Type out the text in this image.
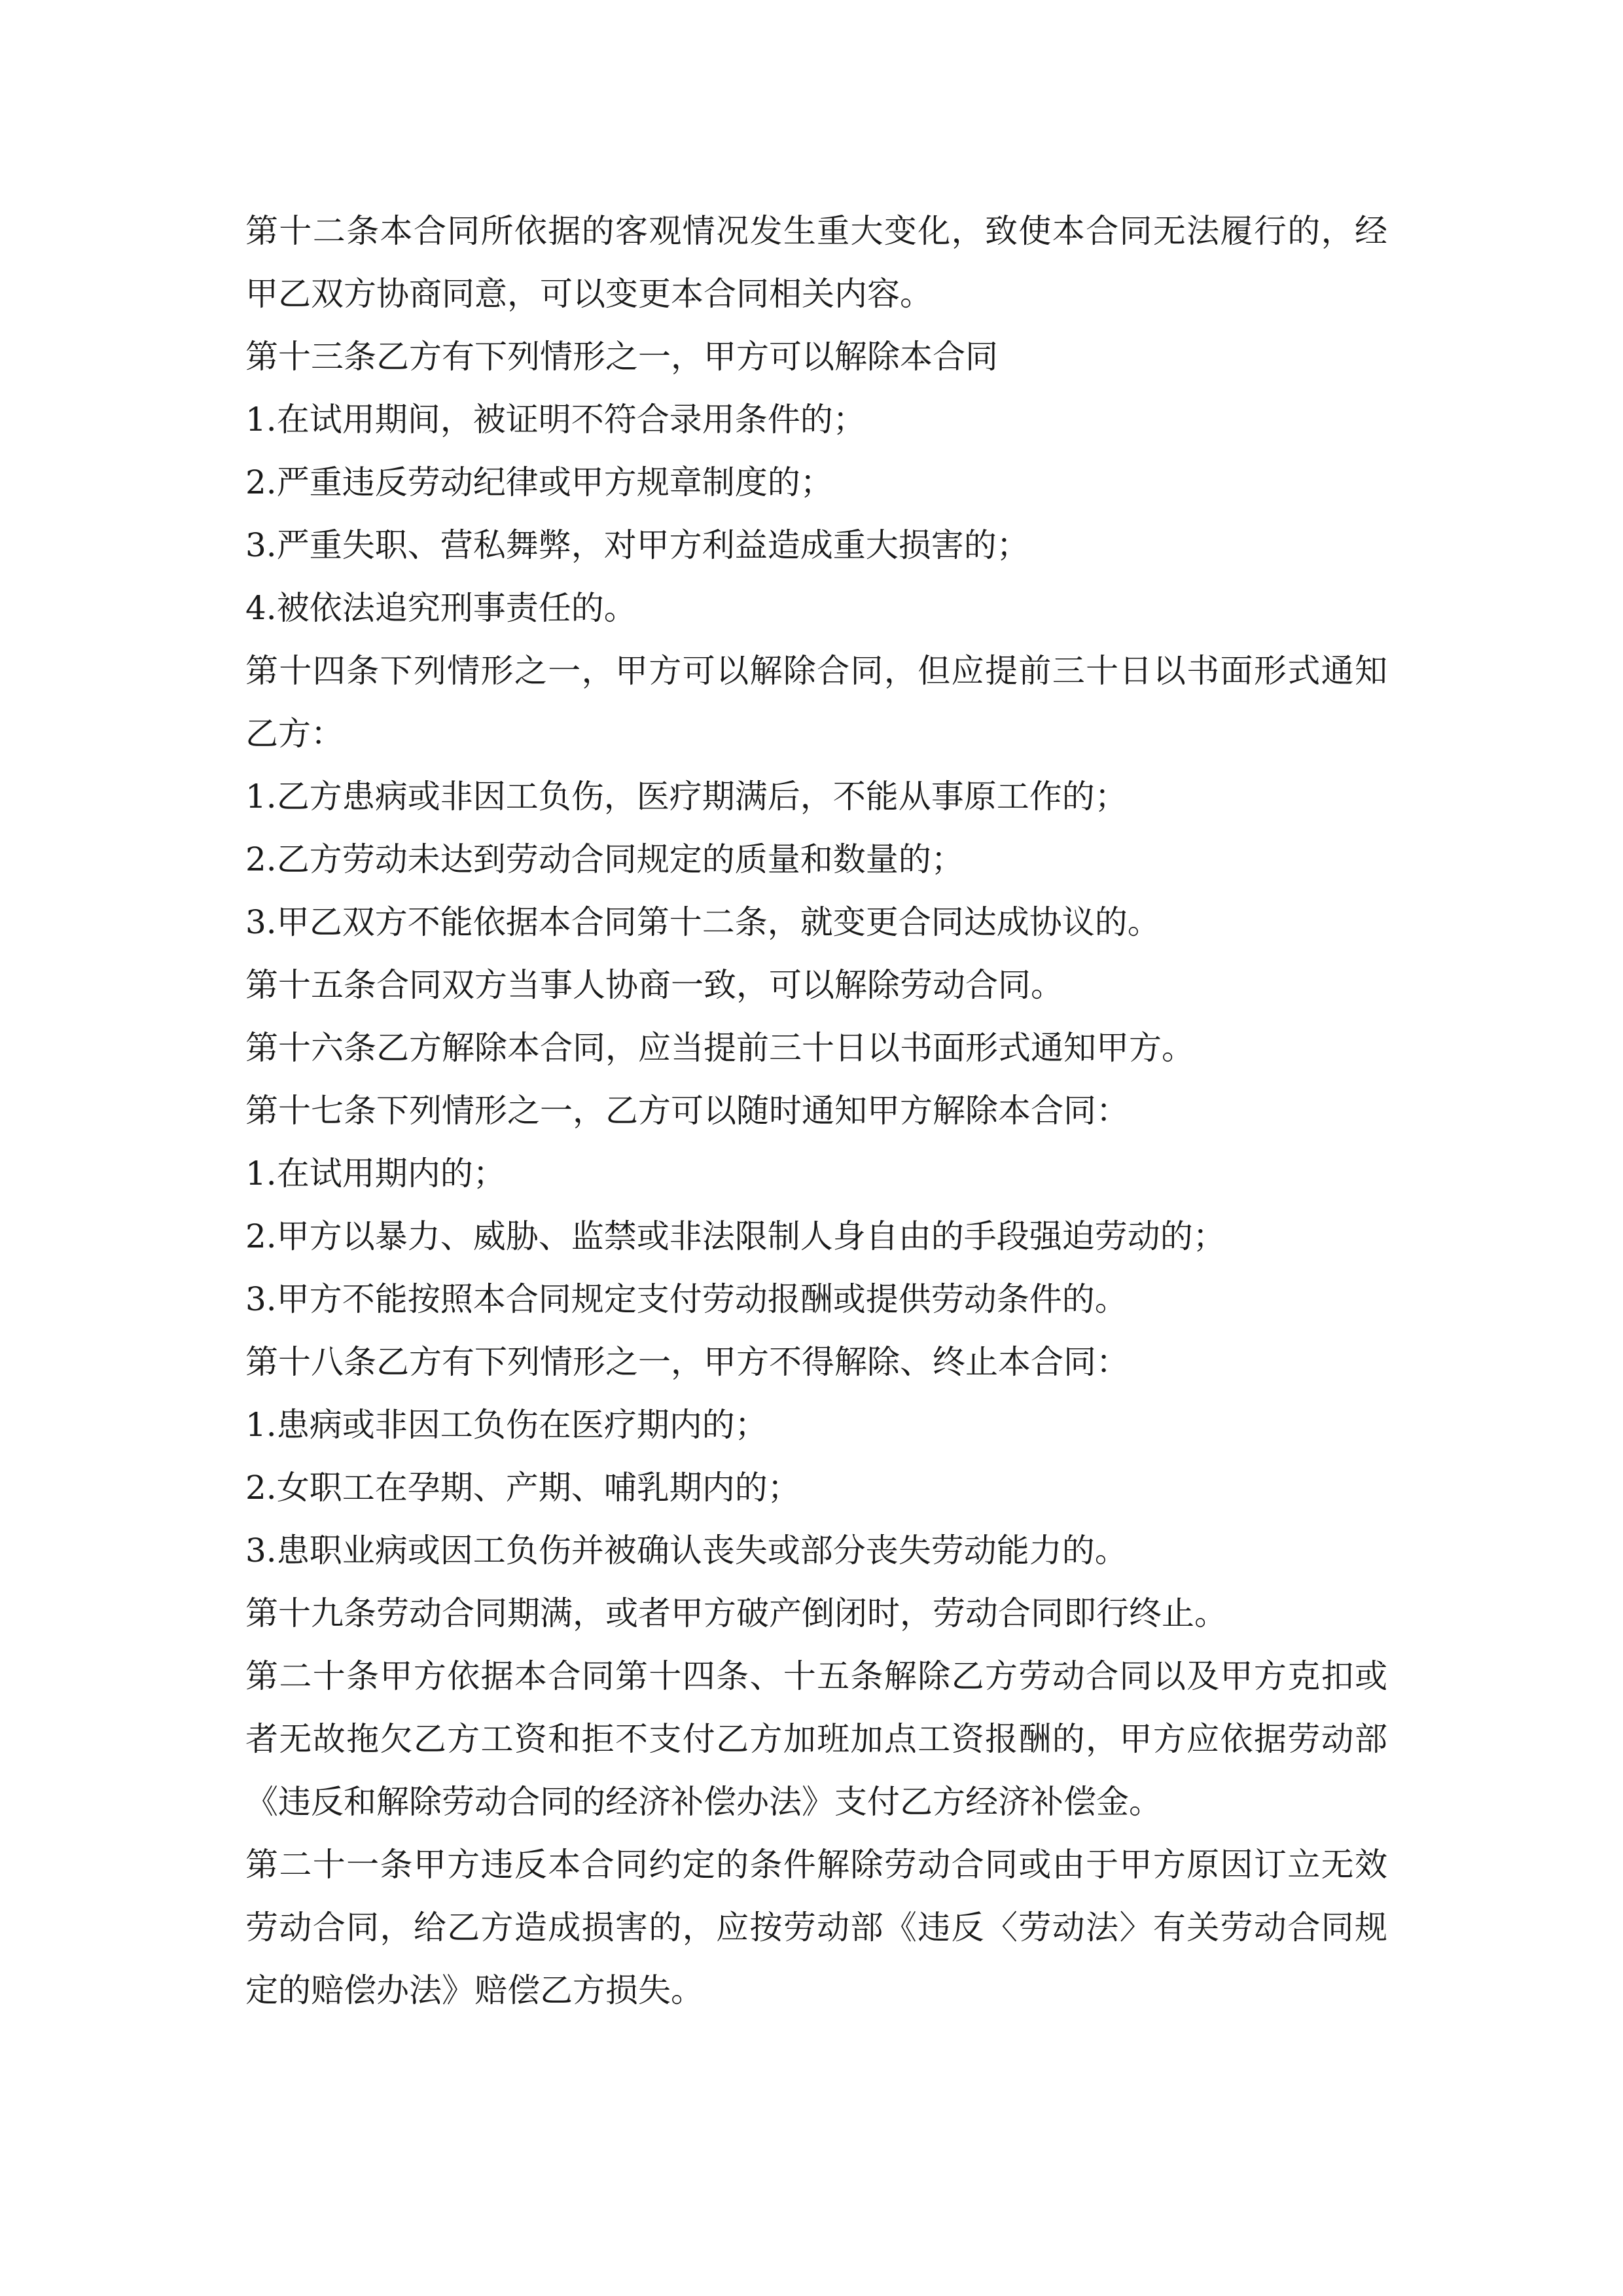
第十二条本合同所依据的客观情况发生重大变化，致使本合同无法履行的，经甲乙双方协商同意，可以变更本合同相关内容。

第十三条乙方有下列情形之一，甲方可以解除本合同

1.在试用期间，被证明不符合录用条件的；

2.严重违反劳动纪律或甲方规章制度的；

3.严重失职、营私舞弊，对甲方利益造成重大损害的；

4.被依法追究刑事责任的。

第十四条下列情形之一，甲方可以解除合同，但应提前三十日以书面形式通知乙方：

1.乙方患病或非因工负伤，医疗期满后，不能从事原工作的；

2.乙方劳动未达到劳动合同规定的质量和数量的；

3.甲乙双方不能依据本合同第十二条，就变更合同达成协议的。

第十五条合同双方当事人协商一致，可以解除劳动合同。

第十六条乙方解除本合同，应当提前三十日以书面形式通知甲方。

第十七条下列情形之一，乙方可以随时通知甲方解除本合同：

1.在试用期内的；

2.甲方以暴力、威胁、监禁或非法限制人身自由的手段强迫劳动的；

3.甲方不能按照本合同规定支付劳动报酬或提供劳动条件的。

第十八条乙方有下列情形之一，甲方不得解除、终止本合同：

1.患病或非因工负伤在医疗期内的；

2.女职工在孕期、产期、哺乳期内的；

3.患职业病或因工负伤并被确认丧失或部分丧失劳动能力的。

第十九条劳动合同期满，或者甲方破产倒闭时，劳动合同即行终止。

第二十条甲方依据本合同第十四条、十五条解除乙方劳动合同以及甲方克扣或者无故拖欠乙方工资和拒不支付乙方加班加点工资报酬的，甲方应依据劳动部《违反和解除劳动合同的经济补偿办法》支付乙方经济补偿金。

第二十一条甲方违反本合同约定的条件解除劳动合同或由于甲方原因订立无效劳动合同，给乙方造成损害的，应按劳动部《违反〈劳动法〉有关劳动合同规定的赔偿办法》赔偿乙方损失。
